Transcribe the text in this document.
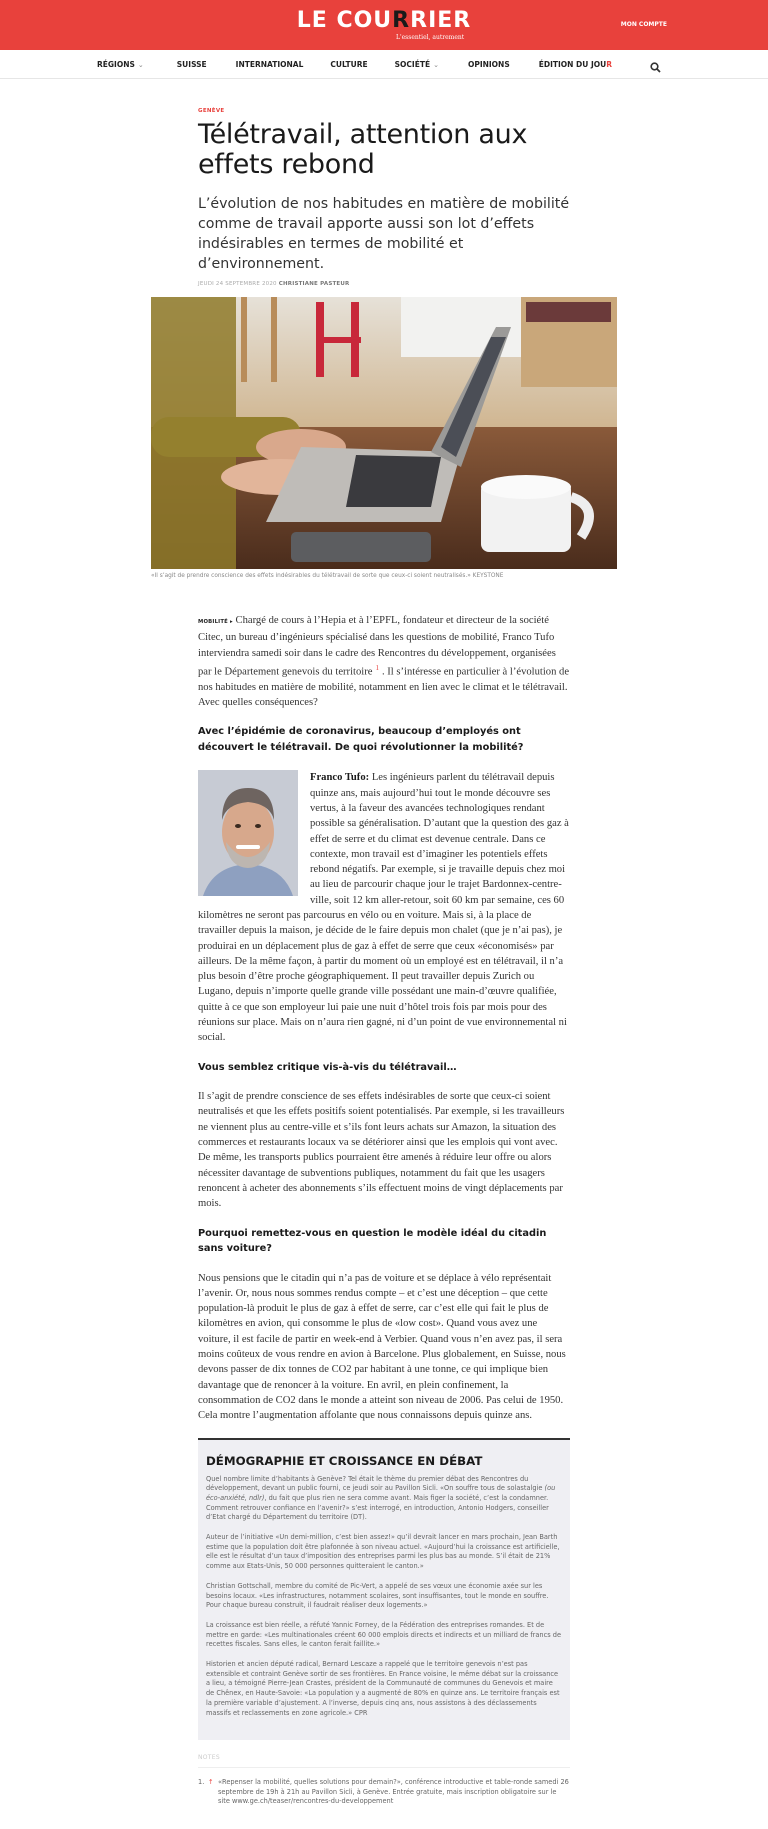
LE COURRIER
L'essentiel, autrement
MON COMPTE
RÉGIONS ⌄	SUISSE	INTERNATIONAL	CULTURE	SOCIÉTÉ ⌄	OPINIONS	ÉDITION DU JOUR
GENÈVE
Télétravail, attention aux effets rebond

L’évolution de nos habitudes en matière de mobilité comme de travail apporte aussi son lot d’effets indésirables en termes de mobilité et d’environnement.

JEUDI 24 SEPTEMBRE 2020 CHRISTIANE PASTEUR
«Il s’agit de prendre conscience des effets indésirables du télétravail de sorte que ceux-ci soient neutralisés.» KEYSTONE

MOBILITÉ ▸ Chargé de cours à l’Hepia et à l’EPFL, fondateur et directeur de la société Citec, un bureau d’ingénieurs spécialisé dans les questions de mobilité, Franco Tufo interviendra samedi soir dans le cadre des Rencontres du développement, organisées par le Département genevois du territoire $^1$ . Il s’intéresse en particulier à l’évolution de nos habitudes en matière de mobilité, notamment en lien avec le climat et le télétravail. Avec quelles conséquences?

Avec l’épidémie de coronavirus, beaucoup d’employés ont découvert le télétravail. De quoi révolutionner la mobilité?

Franco Tufo: Les ingénieurs parlent du télétravail depuis quinze ans, mais aujourd’hui tout le monde découvre ses vertus, à la faveur des avancées technologiques rendant possible sa généralisation. D’autant que la question des gaz à effet de serre et du climat est devenue centrale. Dans ce contexte, mon travail est d’imaginer les potentiels effets rebond négatifs. Par exemple, si je travaille depuis chez moi au lieu de parcourir chaque jour le trajet Bardonnex-centre-ville, soit 12 km aller-retour, soit 60 km par semaine, ces 60 kilomètres ne seront pas parcourus en vélo ou en voiture. Mais si, à la place de travailler depuis la maison, je décide de le faire depuis mon chalet (que je n’ai pas), je produirai en un déplacement plus de gaz à effet de serre que ceux «économisés» par ailleurs. De la même façon, à partir du moment où un employé est en télétravail, il n’a plus besoin d’être proche géographiquement. Il peut travailler depuis Zurich ou Lugano, depuis n’importe quelle grande ville possédant une main-d’œuvre qualifiée, quitte à ce que son employeur lui paie une nuit d’hôtel trois fois par mois pour des réunions sur place. Mais on n’aura rien gagné, ni d’un point de vue environnemental ni social.

Vous semblez critique vis-à-vis du télétravail…

Il s’agit de prendre conscience de ses effets indésirables de sorte que ceux-ci soient neutralisés et que les effets positifs soient potentialisés. Par exemple, si les travailleurs ne viennent plus au centre-ville et s’ils font leurs achats sur Amazon, la situation des commerces et restaurants locaux va se détériorer ainsi que les emplois qui vont avec. De même, les transports publics pourraient être amenés à réduire leur offre ou alors nécessiter davantage de subventions publiques, notamment du fait que les usagers renoncent à acheter des abonnements s’ils effectuent moins de vingt déplacements par mois.

Pourquoi remettez-vous en question le modèle idéal du citadin sans voiture?

Nous pensions que le citadin qui n’a pas de voiture et se déplace à vélo représentait l’avenir. Or, nous nous sommes rendus compte – et c’est une déception – que cette population-là produit le plus de gaz à effet de serre, car c’est elle qui fait le plus de kilomètres en avion, qui consomme le plus de «low cost». Quand vous avez une voiture, il est facile de partir en week-end à Verbier. Quand vous n’en avez pas, il sera moins coûteux de vous rendre en avion à Barcelone. Plus globalement, en Suisse, nous devons passer de dix tonnes de CO2 par habitant à une tonne, ce qui implique bien davantage que de renoncer à la voiture. En avril, en plein confinement, la consommation de CO2 dans le monde a atteint son niveau de 2006. Pas celui de 1950. Cela montre l’augmentation affolante que nous connaissons depuis quinze ans.

DÉMOGRAPHIE ET CROISSANCE EN DÉBAT

Quel nombre limite d’habitants à Genève? Tel était le thème du premier débat des Rencontres du développement, devant un public fourni, ce jeudi soir au Pavillon Sicli. «On souffre tous de solastalgie (ou éco-anxiété, ndlr), du fait que plus rien ne sera comme avant. Mais figer la société, c’est la condamner. Comment retrouver confiance en l’avenir?» s’est interrogé, en introduction, Antonio Hodgers, conseiller d’Etat chargé du Département du territoire (DT).

Auteur de l’initiative «Un demi-million, c’est bien assez!» qu’il devrait lancer en mars prochain, Jean Barth estime que la population doit être plafonnée à son niveau actuel. «Aujourd’hui la croissance est artificielle, elle est le résultat d’un taux d’imposition des entreprises parmi les plus bas au monde. S’il était de 21% comme aux Etats-Unis, 50 000 personnes quitteraient le canton.»

Christian Gottschall, membre du comité de Pic-Vert, a appelé de ses vœux une économie axée sur les besoins locaux. «Les infrastructures, notamment scolaires, sont insuffisantes, tout le monde en souffre. Pour chaque bureau construit, il faudrait réaliser deux logements.»

La croissance est bien réelle, a réfuté Yannic Forney, de la Fédération des entreprises romandes. Et de mettre en garde: «Les multinationales créent 60 000 emplois directs et indirects et un milliard de francs de recettes fiscales. Sans elles, le canton ferait faillite.»

Historien et ancien député radical, Bernard Lescaze a rappelé que le territoire genevois n’est pas extensible et contraint Genève sortir de ses frontières. En France voisine, le même débat sur la croissance a lieu, a témoigné Pierre-Jean Crastes, président de la Communauté de communes du Genevois et maire de Chênex, en Haute-Savoie: «La population y a augmenté de 80% en quinze ans. Le territoire français est la première variable d’ajustement. A l’inverse, depuis cinq ans, nous assistons à des déclassements massifs et reclassements en zone agricole.» CPR

NOTES
1. ↑ «Repenser la mobilité, quelles solutions pour demain?», conférence introductive et table-ronde samedi 26 septembre de 19h à 21h au Pavillon Sicli, à Genève. Entrée gratuite, mais inscription obligatoire sur le site www.ge.ch/teaser/rencontres-du-developpement
